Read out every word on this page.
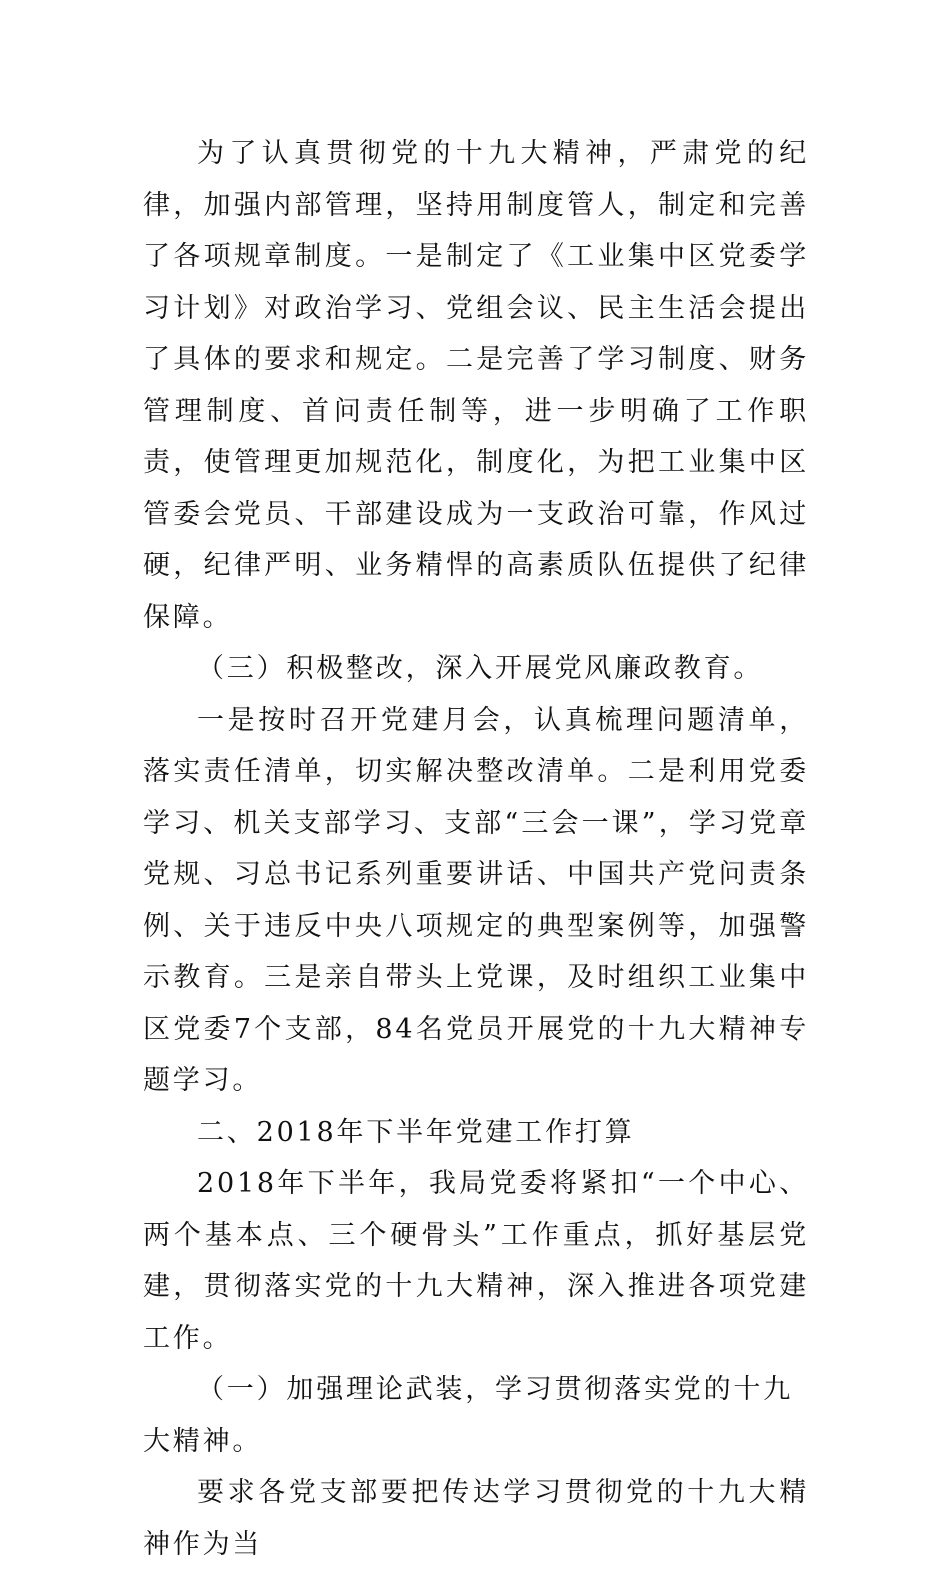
为了认真贯彻党的十九大精神，严肃党的纪律，加强内部管理，坚持用制度管人，制定和完善了各项规章制度。一是制定了《工业集中区党委学习计划》对政治学习、党组会议、民主生活会提出了具体的要求和规定。二是完善了学习制度、财务管理制度、首问责任制等，进一步明确了工作职责，使管理更加规范化，制度化，为把工业集中区管委会党员、干部建设成为一支政治可靠，作风过硬，纪律严明、业务精悍的高素质队伍提供了纪律保障。

（三）积极整改，深入开展党风廉政教育。

一是按时召开党建月会，认真梳理问题清单，落实责任清单，切实解决整改清单。二是利用党委学习、机关支部学习、支部“三会一课”，学习党章党规、习总书记系列重要讲话、中国共产党问责条例、关于违反中央八项规定的典型案例等，加强警示教育。三是亲自带头上党课，及时组织工业集中区党委7个支部，84名党员开展党的十九大精神专题学习。

二、2018年下半年党建工作打算

2018年下半年，我局党委将紧扣“一个中心、两个基本点、三个硬骨头”工作重点，抓好基层党建，贯彻落实党的十九大精神，深入推进各项党建工作。

（一）加强理论武装，学习贯彻落实党的十九大精神。

要求各党支部要把传达学习贯彻党的十九大精神作为当
